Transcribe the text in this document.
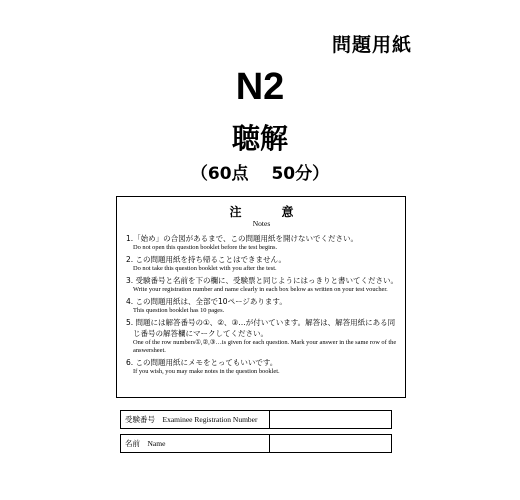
問題用紙
N2
聴解
（60点　 50分）
注　意
Notes
1.「始め」の合図があるまで、この問題用紙を開けないでください。
Do not open this question booklet before the test begins.
2. この問題用紙を持ち帰ることはできません。
Do not take this question booklet with you after the test.
3. 受験番号と名前を下の欄に、受験票と同じようにはっきりと書いてください。
Write your registration number and name clearly in each box below as written on your test voucher.
4. この問題用紙は、全部で10ページあります。
This question booklet has 10 pages.
5. 問題には解答番号の①、②、③…が付いています。解答は、解答用紙にある同
じ番号の解答欄にマークしてください。
One of the row numbers①,②,③…is given for each question. Mark your answer in the same row of the answersheet.
6. この問題用紙にメモをとってもいいです。
If you wish, you may make notes in the question booklet.
受験番号　Examinee Registration Number	
名前　Name	
